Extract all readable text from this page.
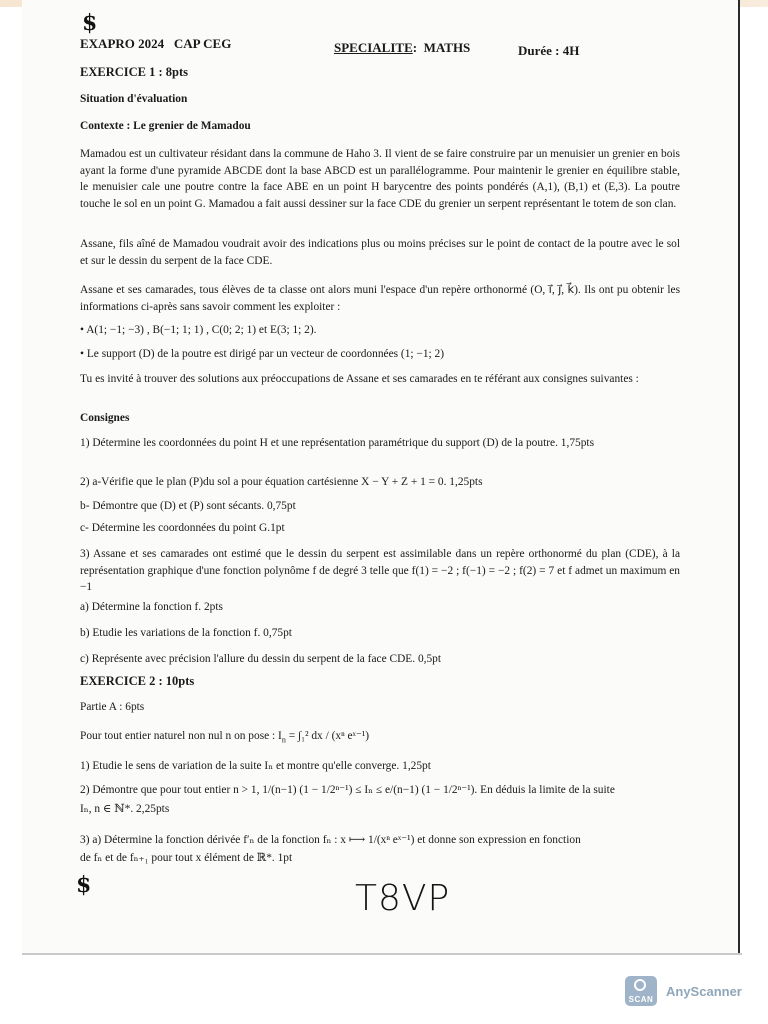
$
EXAPRO 2024   CAP CEG	SPECIALITE:  MATHS	Durée : 4H
EXERCICE 1 : 8pts
Situation d'évaluation
Contexte : Le grenier de Mamadou
Mamadou est un cultivateur résidant dans la commune de Haho 3. Il vient de se faire construire par un menuisier un grenier en bois ayant la forme d'une pyramide ABCDE dont la base ABCD est un parallélogramme. Pour maintenir le grenier en équilibre stable, le menuisier cale une poutre contre la face ABE en un point H barycentre des points pondérés (A,1), (B,1) et (E,3). La poutre touche le sol en un point G. Mamadou a fait aussi dessiner sur la face CDE du grenier un serpent représentant le totem de son clan.
Assane, fils aîné de Mamadou voudrait avoir des indications plus ou moins précises sur le point de contact de la poutre avec le sol et sur le dessin du serpent de la face CDE.
Assane et ses camarades, tous élèves de ta classe ont alors muni l'espace d'un repère orthonormé (O, i⃗, j⃗, k⃗). Ils ont pu obtenir les informations ci-après sans savoir comment les exploiter :
• A(1; −1; −3) , B(−1; 1; 1) , C(0; 2; 1) et E(3; 1; 2).
• Le support (D) de la poutre est dirigé par un vecteur de coordonnées (1; −1; 2)
Tu es invité à trouver des solutions aux préoccupations de Assane et ses camarades en te référant aux consignes suivantes :
Consignes
1) Détermine les coordonnées du point H et une représentation paramétrique du support (D) de la poutre. 1,75pts
2) a-Vérifie que le plan (P)du sol a pour équation cartésienne X − Y + Z + 1 = 0. 1,25pts
b- Démontre que (D) et (P) sont sécants. 0,75pt
c- Détermine les coordonnées du point G.1pt
3) Assane et ses camarades ont estimé que le dessin du serpent est assimilable dans un repère orthonormé du plan (CDE), à la représentation graphique d'une fonction polynôme f de degré 3 telle que f(1) = −2 ; f(−1) = −2 ; f(2) = 7 et f admet un maximum en −1
a) Détermine la fonction f. 2pts
b) Etudie les variations de la fonction f. 0,75pt
c) Représente avec précision l'allure du dessin du serpent de la face CDE. 0,5pt
EXERCICE 2 : 10pts
Partie A : 6pts
Pour tout entier naturel non nul n on pose : $I_n = \int_1^2$ dx / (xⁿ eˣ⁻¹)
1) Etudie le sens de variation de la suite Iₙ et montre qu'elle converge. 1,25pt
2) Démontre que pour tout entier n > 1, 1/(n−1) (1 − 1/2ⁿ⁻¹) ≤ Iₙ ≤ e/(n−1) (1 − 1/2ⁿ⁻¹). En déduis la limite de la suite
Iₙ, n ∈ ℕ*. 2,25pts
3) a) Détermine la fonction dérivée f′ₙ de la fonction fₙ : x ⟼ 1/(xⁿ eˣ⁻¹) et donne son expression en fonction
de fₙ et de fₙ₊₁ pour tout x élément de ℝ*. 1pt
$	T8VP
SCAN
AnyScanner
